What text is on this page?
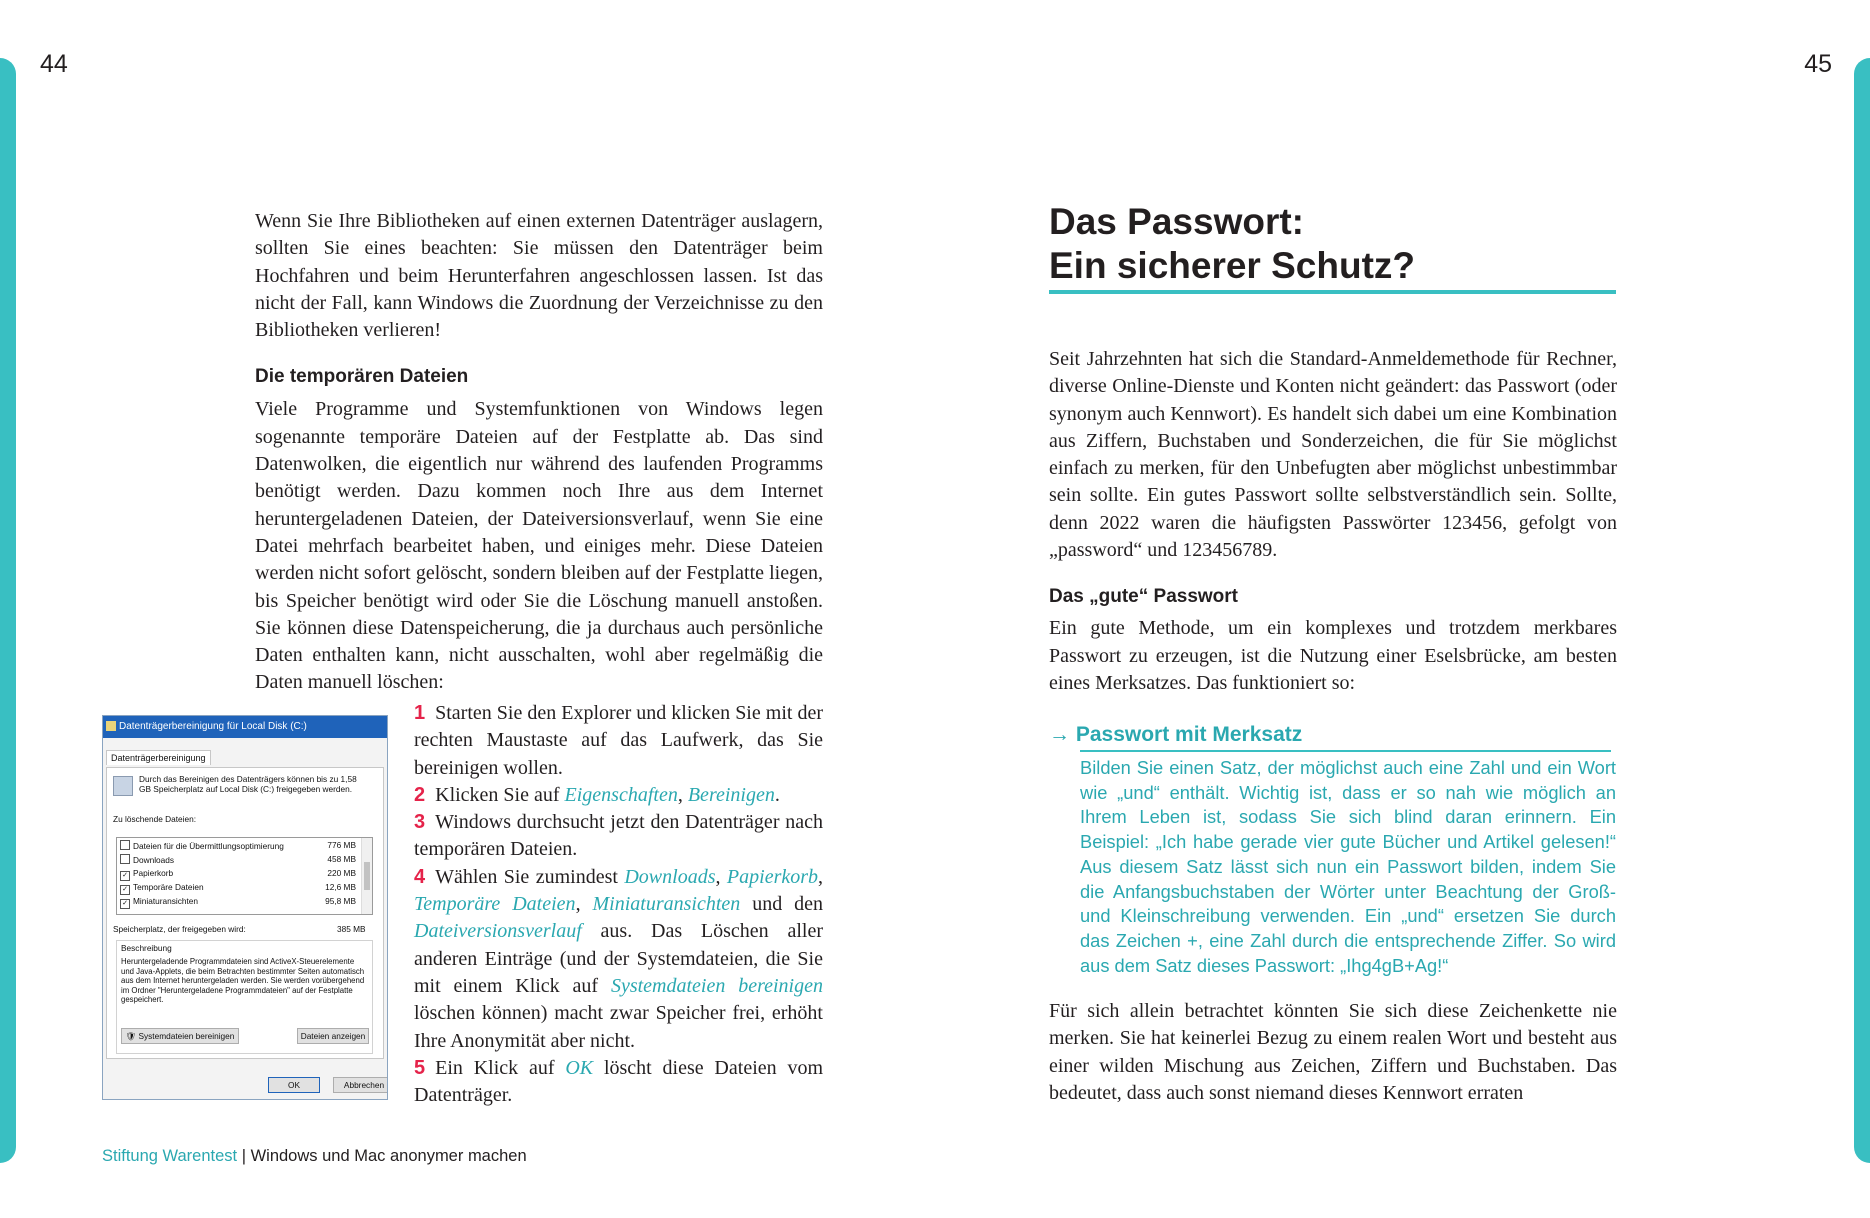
44	45

Wenn Sie Ihre Bibliotheken auf einen externen Datenträger auslagern, sollten Sie eines beachten: Sie müssen den Datenträger beim Hochfahren und beim Herunterfahren angeschlossen lassen. Ist das nicht der Fall, kann Windows die Zuordnung der Verzeichnisse zu den Bibliotheken verlieren!

Die temporären Dateien

Viele Programme und Systemfunktionen von Windows legen sogenannte temporäre Dateien auf der Festplatte ab. Das sind Datenwolken, die eigentlich nur während des laufenden Programms benötigt werden. Dazu kommen noch Ihre aus dem Internet heruntergeladenen Dateien, der Dateiversionsverlauf, wenn Sie eine Datei mehrfach bearbeitet haben, und einiges mehr. Diese Dateien werden nicht sofort gelöscht, sondern bleiben auf der Festplatte liegen, bis Speicher benötigt wird oder Sie die Löschung manuell anstoßen. Sie können diese Datenspeicherung, die ja durchaus auch persönliche Daten enthalten kann, nicht ausschalten, wohl aber regelmäßig die Daten manuell löschen:

Datenträgerbereinigung für Local Disk (C:)
Datenträgerbereinigung
Durch das Bereinigen des Datenträgers können bis zu 1,58 GB Speicherplatz auf Local Disk (C:) freigegeben werden.
Zu löschende Dateien:
Dateien für die Übermittlungsoptimierung	776 MB
Downloads	458 MB
✓ Papierkorb	220 MB
✓ Temporäre Dateien	12,6 MB
✓ Miniaturansichten	95,8 MB
Speicherplatz, der freigegeben wird:	385 MB
Beschreibung
Heruntergeladende Programmdateien sind ActiveX-Steuerelemente und Java-Applets, die beim Betrachten bestimmter Seiten automatisch aus dem Internet heruntergeladen werden. Sie werden vorübergehend im Ordner "Heruntergeladene Programmdateien" auf der Festplatte gespeichert.
🛡 Systemdateien bereinigen	Dateien anzeigen
OK	Abbrechen

1 Starten Sie den Explorer und klicken Sie mit der rechten Maustaste auf das Laufwerk, das Sie bereinigen wollen.

2 Klicken Sie auf Eigenschaften, Bereinigen.

3 Windows durchsucht jetzt den Datenträger nach temporären Dateien.

4 Wählen Sie zumindest Downloads, Papierkorb, Temporäre Dateien, Miniaturansichten und den Dateiversionsverlauf aus. Das Löschen aller anderen Einträge (und der Systemdateien, die Sie mit einem Klick auf Systemdateien bereinigen löschen können) macht zwar Speicher frei, erhöht Ihre Anonymität aber nicht.

5 Ein Klick auf OK löscht diese Dateien vom Datenträger.

Das Passwort:
Ein sicherer Schutz?

Seit Jahrzehnten hat sich die Standard-Anmeldemethode für Rechner, diverse Online-Dienste und Konten nicht geändert: das Passwort (oder synonym auch Kennwort). Es handelt sich dabei um eine Kombination aus Ziffern, Buchstaben und Sonderzeichen, die für Sie möglichst einfach zu merken, für den Unbefugten aber möglichst unbestimmbar sein sollte. Ein gutes Passwort sollte selbstverständlich sein. Sollte, denn 2022 waren die häufigsten Passwörter 123456, gefolgt von „password“ und 123456789.

Das „gute“ Passwort

Ein gute Methode, um ein komplexes und trotzdem merkbares Passwort zu erzeugen, ist die Nutzung einer Eselsbrücke, am besten eines Merksatzes. Das funktioniert so:

→ Passwort mit Merksatz

Bilden Sie einen Satz, der möglichst auch eine Zahl und ein Wort wie „und“ enthält. Wichtig ist, dass er so nah wie möglich an Ihrem Leben ist, sodass Sie sich blind daran erinnern. Ein Beispiel: „Ich habe gerade vier gute Bücher und Artikel gelesen!“ Aus diesem Satz lässt sich nun ein Passwort bilden, indem Sie die Anfangsbuchstaben der Wörter unter Beachtung der Groß- und Kleinschreibung verwenden. Ein „und“ ersetzen Sie durch das Zeichen +, eine Zahl durch die entsprechende Ziffer. So wird aus dem Satz dieses Passwort: „Ihg4gB+Ag!“

Für sich allein betrachtet könnten Sie sich diese Zeichenkette nie merken. Sie hat keinerlei Bezug zu einem realen Wort und besteht aus einer wilden Mischung aus Zeichen, Ziffern und Buchstaben. Das bedeutet, dass auch sonst niemand dieses Kennwort erraten

Stiftung Warentest | Windows und Mac anonymer machen
